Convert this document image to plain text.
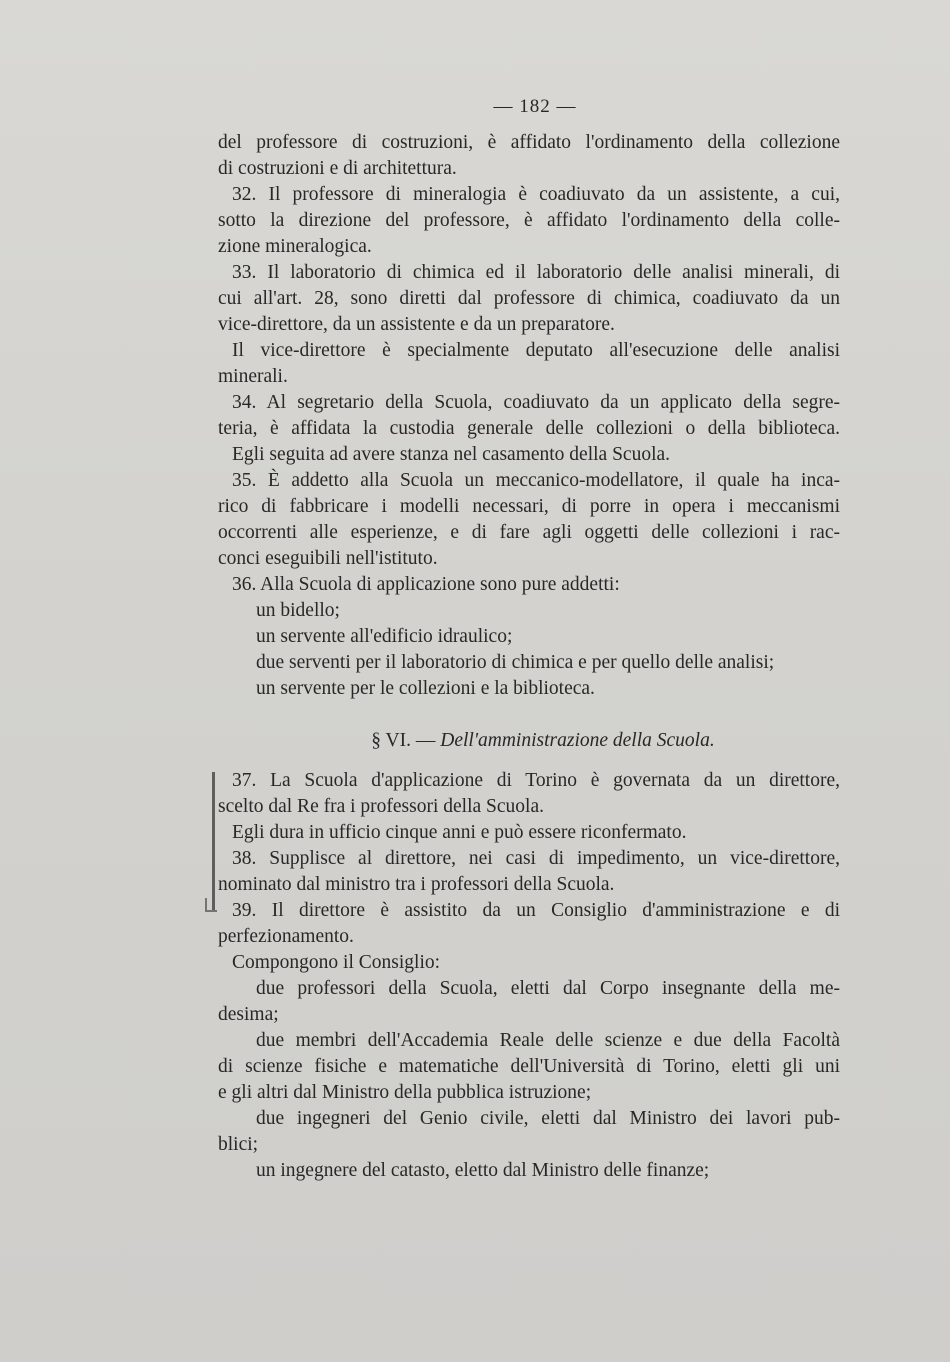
— 182 —
del professore di costruzioni, è affidato l'ordinamento della collezione
di costruzioni e di architettura.
32. Il professore di mineralogia è coadiuvato da un assistente, a cui,
sotto la direzione del professore, è affidato l'ordinamento della colle-
zione mineralogica.
33. Il laboratorio di chimica ed il laboratorio delle analisi minerali, di
cui all'art. 28, sono diretti dal professore di chimica, coadiuvato da un
vice-direttore, da un assistente e da un preparatore.
Il vice-direttore è specialmente deputato all'esecuzione delle analisi
minerali.
34. Al segretario della Scuola, coadiuvato da un applicato della segre-
teria, è affidata la custodia generale delle collezioni o della biblioteca.
Egli seguita ad avere stanza nel casamento della Scuola.
35. È addetto alla Scuola un meccanico-modellatore, il quale ha inca-
rico di fabbricare i modelli necessari, di porre in opera i meccanismi
occorrenti alle esperienze, e di fare agli oggetti delle collezioni i rac-
conci eseguibili nell'istituto.
36. Alla Scuola di applicazione sono pure addetti:
un bidello;
un servente all'edificio idraulico;
due serventi per il laboratorio di chimica e per quello delle analisi;
un servente per le collezioni e la biblioteca.
§ VI. — Dell'amministrazione della Scuola.
37. La Scuola d'applicazione di Torino è governata da un direttore,
scelto dal Re fra i professori della Scuola.
Egli dura in ufficio cinque anni e può essere riconfermato.
38. Supplisce al direttore, nei casi di impedimento, un vice-direttore,
nominato dal ministro tra i professori della Scuola.
39. Il direttore è assistito da un Consiglio d'amministrazione e di
perfezionamento.
Compongono il Consiglio:
due professori della Scuola, eletti dal Corpo insegnante della me-
desima;
due membri dell'Accademia Reale delle scienze e due della Facoltà
di scienze fisiche e matematiche dell'Università di Torino, eletti gli uni
e gli altri dal Ministro della pubblica istruzione;
due ingegneri del Genio civile, eletti dal Ministro dei lavori pub-
blici;
un ingegnere del catasto, eletto dal Ministro delle finanze;
